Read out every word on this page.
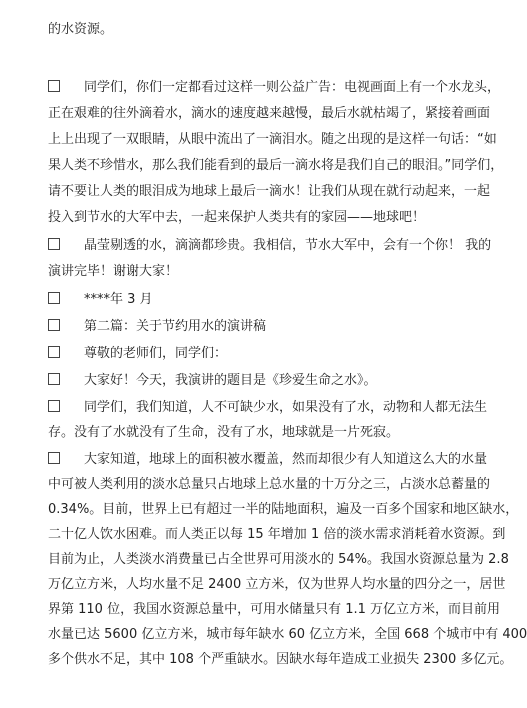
的水资源。
同学们，你们一定都看过这样一则公益广告：电视画面上有一个水龙头，
正在艰难的往外滴着水，滴水的速度越来越慢，最后水就枯竭了，紧接着画面
上上出现了一双眼睛，从眼中流出了一滴泪水。随之出现的是这样一句话：“如
果人类不珍惜水，那么我们能看到的最后一滴水将是我们自己的眼泪。”同学们，
请不要让人类的眼泪成为地球上最后一滴水！让我们从现在就行动起来，一起
投入到节水的大军中去，一起来保护人类共有的家园——地球吧！
晶莹剔透的水，滴滴都珍贵。我相信，节水大军中，会有一个你！ 我的
演讲完毕！谢谢大家！
****年 3 月
第二篇：关于节约用水的演讲稿
尊敬的老师们，同学们：
大家好！今天，我演讲的题目是《珍爱生命之水》。
同学们，我们知道，人不可缺少水，如果没有了水，动物和人都无法生
存。没有了水就没有了生命，没有了水，地球就是一片死寂。
大家知道，地球上的面积被水覆盖，然而却很少有人知道这么大的水量
中可被人类利用的淡水总量只占地球上总水量的十万分之三，占淡水总蓄量的
0.34%。目前，世界上已有超过一半的陆地面积，遍及一百多个国家和地区缺水，
二十亿人饮水困难。而人类正以每 15 年增加 1 倍的淡水需求消耗着水资源。到
目前为止，人类淡水消费量已占全世界可用淡水的 54%。我国水资源总量为 2.8
万亿立方米，人均水量不足 2400 立方米，仅为世界人均水量的四分之一，居世
界第 110 位，我国水资源总量中，可用水储量只有 1.1 万亿立方米，而目前用
水量已达 5600 亿立方米，城市每年缺水 60 亿立方米，全国 668 个城市中有 400
多个供水不足，其中 108 个严重缺水。因缺水每年造成工业损失 2300 多亿元。
